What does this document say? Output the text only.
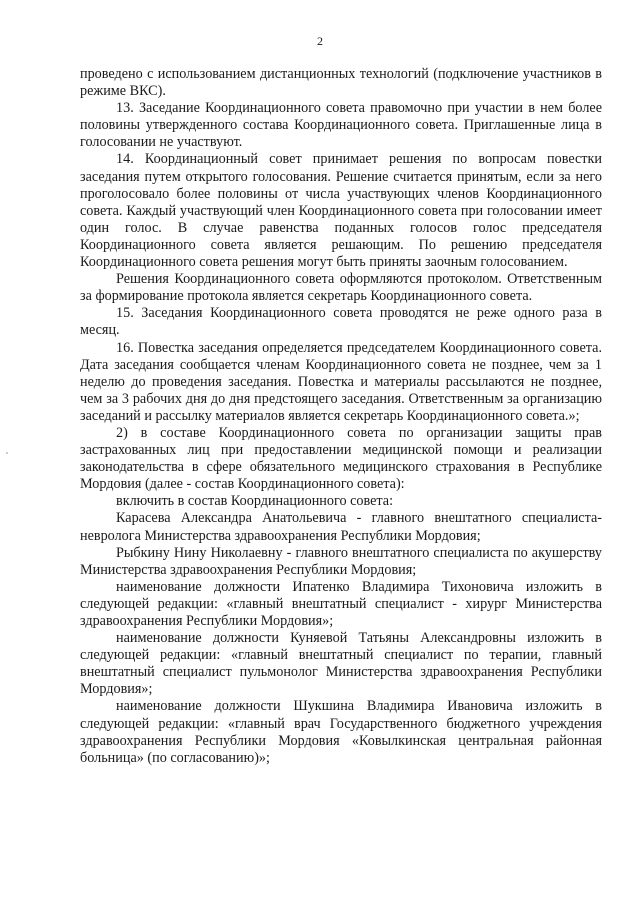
2

проведено с использованием дистанционных технологий (подключение участников в режиме ВКС).

13. Заседание Координационного совета правомочно при участии в нем более половины утвержденного состава Координационного совета. Приглашенные лица в голосовании не участвуют.

14. Координационный совет принимает решения по вопросам повестки заседания путем открытого голосования. Решение считается принятым, если за него проголосовало более половины от числа участвующих членов Координационного совета. Каждый участвующий член Координационного совета при голосовании имеет один голос. В случае равенства поданных голосов голос председателя Координационного совета является решающим. По решению председателя Координационного совета решения могут быть приняты заочным голосованием.

Решения Координационного совета оформляются протоколом. Ответственным за формирование протокола является секретарь Координационного совета.

15. Заседания Координационного совета проводятся не реже одного раза в месяц.

16. Повестка заседания определяется председателем Координационного совета. Дата заседания сообщается членам Координационного совета не позднее, чем за 1 неделю до проведения заседания. Повестка и материалы рассылаются не позднее, чем за 3 рабочих дня до дня предстоящего заседания. Ответственным за организацию заседаний и рассылку материалов является секретарь Координационного совета.»;

2) в составе Координационного совета по организации защиты прав застрахованных лиц при предоставлении медицинской помощи и реализации законодательства в сфере обязательного медицинского страхования в Республике Мордовия (далее - состав Координационного совета):

включить в состав Координационного совета:

Карасева Александра Анатольевича - главного внештатного специалиста-невролога Министерства здравоохранения Республики Мордовия;

Рыбкину Нину Николаевну - главного внештатного специалиста по акушерству Министерства здравоохранения Республики Мордовия;

наименование должности Ипатенко Владимира Тихоновича изложить в следующей редакции: «главный внештатный специалист - хирург Министерства здравоохранения Республики Мордовия»;

наименование должности Куняевой Татьяны Александровны изложить в следующей редакции: «главный внештатный специалист по терапии, главный внештатный специалист пульмонолог Министерства здравоохранения Республики Мордовия»;

наименование должности Шукшина Владимира Ивановича изложить в следующей редакции: «главный врач Государственного бюджетного учреждения здравоохранения Республики Мордовия «Ковылкинская центральная районная больница» (по согласованию)»;
